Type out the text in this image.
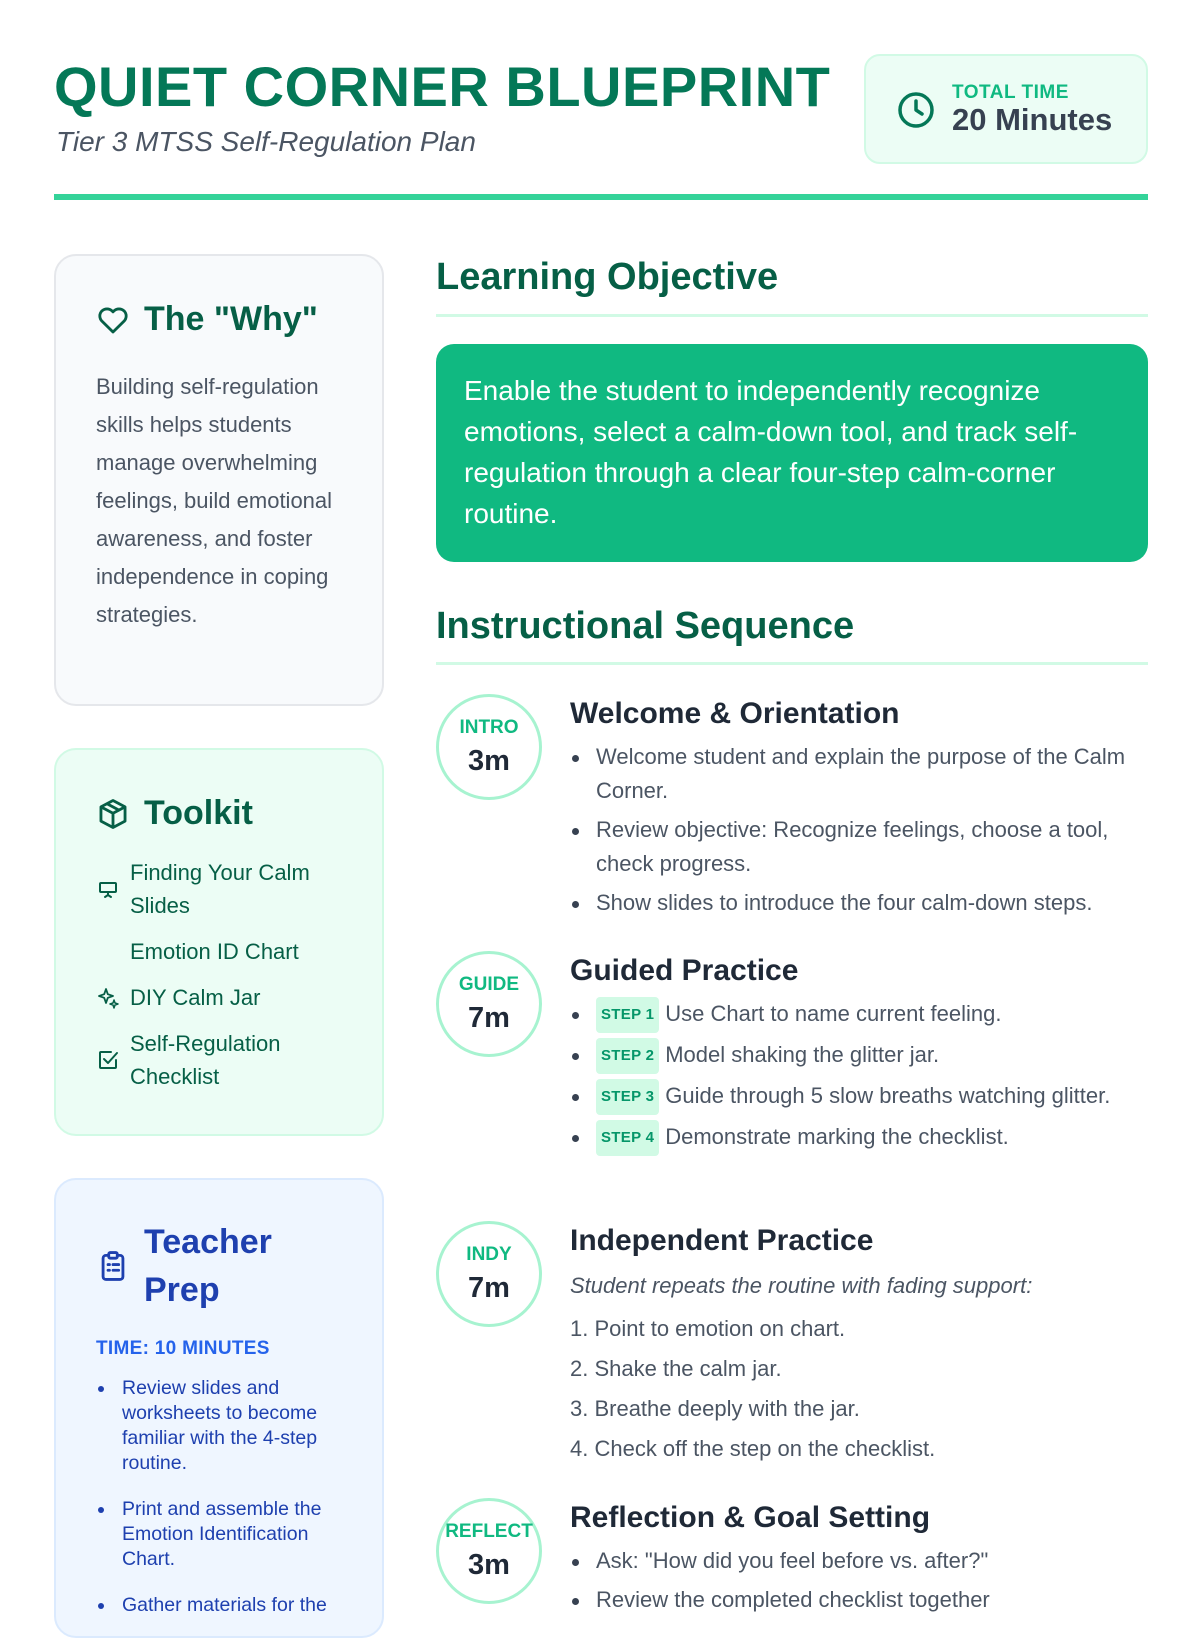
QUIET CORNER BLUEPRINT
Tier 3 MTSS Self-Regulation Plan
TOTAL TIME
20 Minutes
The "Why"
Building self-regulation skills helps students manage overwhelming feelings, build emotional awareness, and foster independence in coping strategies.
Toolkit
Finding Your Calm Slides
Emotion ID Chart
DIY Calm Jar
Self-Regulation Checklist
Teacher Prep
TIME: 10 MINUTES
Review slides and worksheets to become familiar with the 4-step routine.
Print and assemble the Emotion Identification Chart.
Gather materials for the
Learning Objective
Enable the student to independently recognize emotions, select a calm-down tool, and track self-regulation through a clear four-step calm-corner routine.
Instructional Sequence
INTRO
3m
Welcome & Orientation
Welcome student and explain the purpose of the Calm Corner.
Review objective: Recognize feelings, choose a tool, check progress.
Show slides to introduce the four calm-down steps.
GUIDE
7m
Guided Practice
STEP 1 Use Chart to name current feeling.
STEP 2 Model shaking the glitter jar.
STEP 3 Guide through 5 slow breaths watching glitter.
STEP 4 Demonstrate marking the checklist.
INDY
7m
Independent Practice
Student repeats the routine with fading support:
1. Point to emotion on chart.
2. Shake the calm jar.
3. Breathe deeply with the jar.
4. Check off the step on the checklist.
REFLECT
3m
Reflection & Goal Setting
Ask: "How did you feel before vs. after?"
Review the completed checklist together
